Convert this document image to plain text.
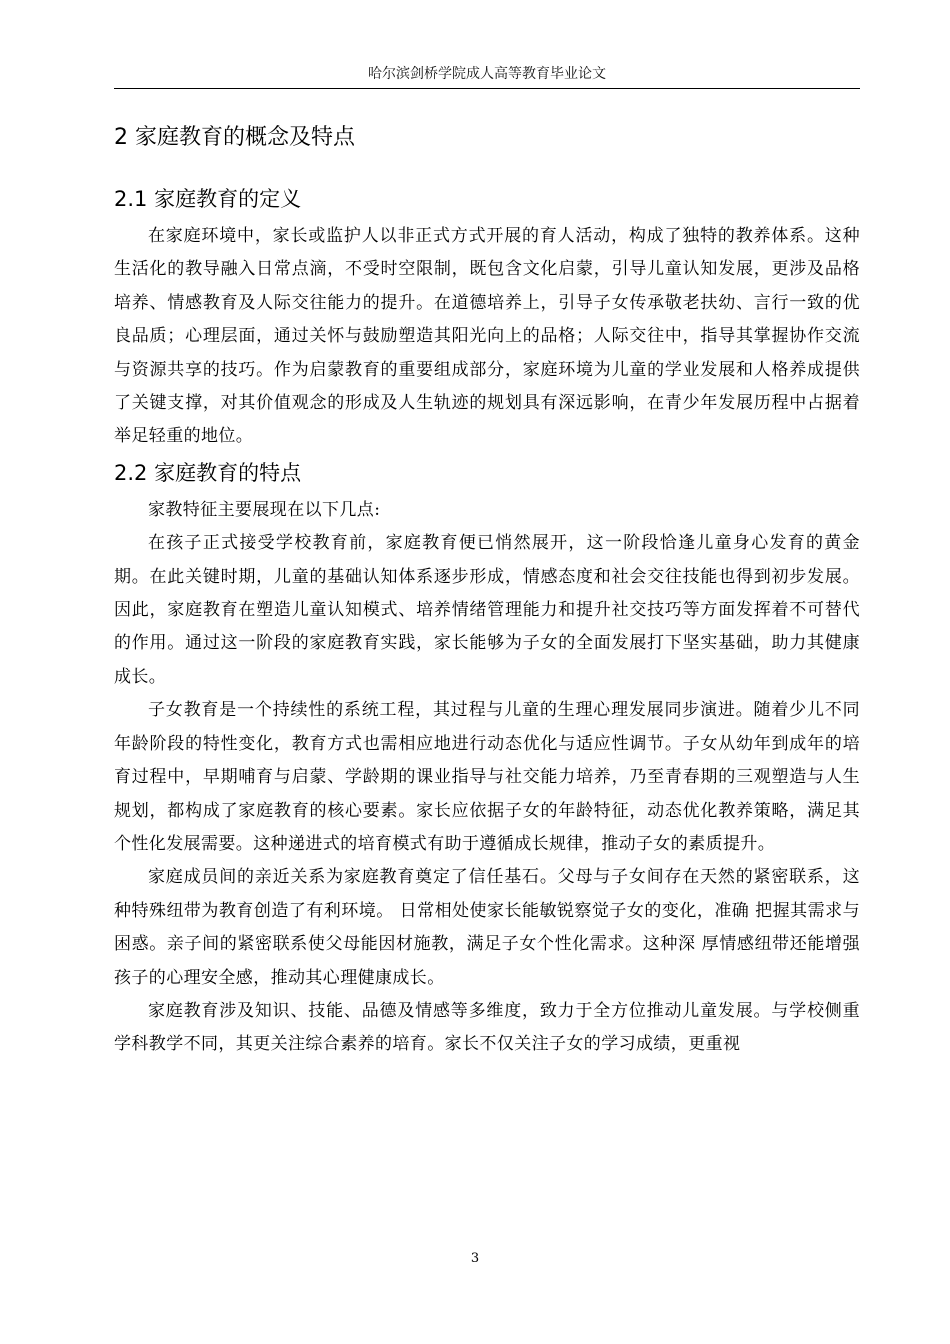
哈尔滨剑桥学院成人高等教育毕业论文
2 家庭教育的概念及特点
2.1 家庭教育的定义

在家庭环境中，家长或监护人以非正式方式开展的育人活动，构成了独特的教养体系。这种生活化的教导融入日常点滴，不受时空限制，既包含文化启蒙，引导儿童认知发展，更涉及品格培养、情感教育及人际交往能力的提升。在道德培养上，引导子女传承敬老扶幼、言行一致的优良品质；心理层面，通过关怀与鼓励塑造其阳光向上的品格；人际交往中，指导其掌握协作交流与资源共享的技巧。作为启蒙教育的重要组成部分，家庭环境为儿童的学业发展和人格养成提供了关键支撑，对其价值观念的形成及人生轨迹的规划具有深远影响，在青少年发展历程中占据着举足轻重的地位。

2.2 家庭教育的特点

家教特征主要展现在以下几点:

在孩子正式接受学校教育前，家庭教育便已悄然展开，这一阶段恰逢儿童身心发育的黄金期。在此关键时期，儿童的基础认知体系逐步形成，情感态度和社会交往技能也得到初步发展。因此，家庭教育在塑造儿童认知模式、培养情绪管理能力和提升社交技巧等方面发挥着不可替代的作用。通过这一阶段的家庭教育实践，家长能够为子女的全面发展打下坚实基础，助力其健康成长。

子女教育是一个持续性的系统工程，其过程与儿童的生理心理发展同步演进。随着少儿不同年龄阶段的特性变化，教育方式也需相应地进行动态优化与适应性调节。子女从幼年到成年的培育过程中，早期哺育与启蒙、学龄期的课业指导与社交能力培养，乃至青春期的三观塑造与人生规划，都构成了家庭教育的核心要素。家长应依据子女的年龄特征，动态优化教养策略，满足其个性化发展需要。这种递进式的培育模式有助于遵循成长规律，推动子女的素质提升。

家庭成员间的亲近关系为家庭教育奠定了信任基石。父母与子女间存在天然的紧密联系，这种特殊纽带为教育创造了有利环境。 日常相处使家长能敏锐察觉子女的变化，准确 把握其需求与困惑。亲子间的紧密联系使父母能因材施教，满足子女个性化需求。这种深 厚情感纽带还能增强孩子的心理安全感，推动其心理健康成长。

家庭教育涉及知识、技能、品德及情感等多维度，致力于全方位推动儿童发展。与学校侧重学科教学不同，其更关注综合素养的培育。家长不仅关注子女的学习成绩，更重视

3
